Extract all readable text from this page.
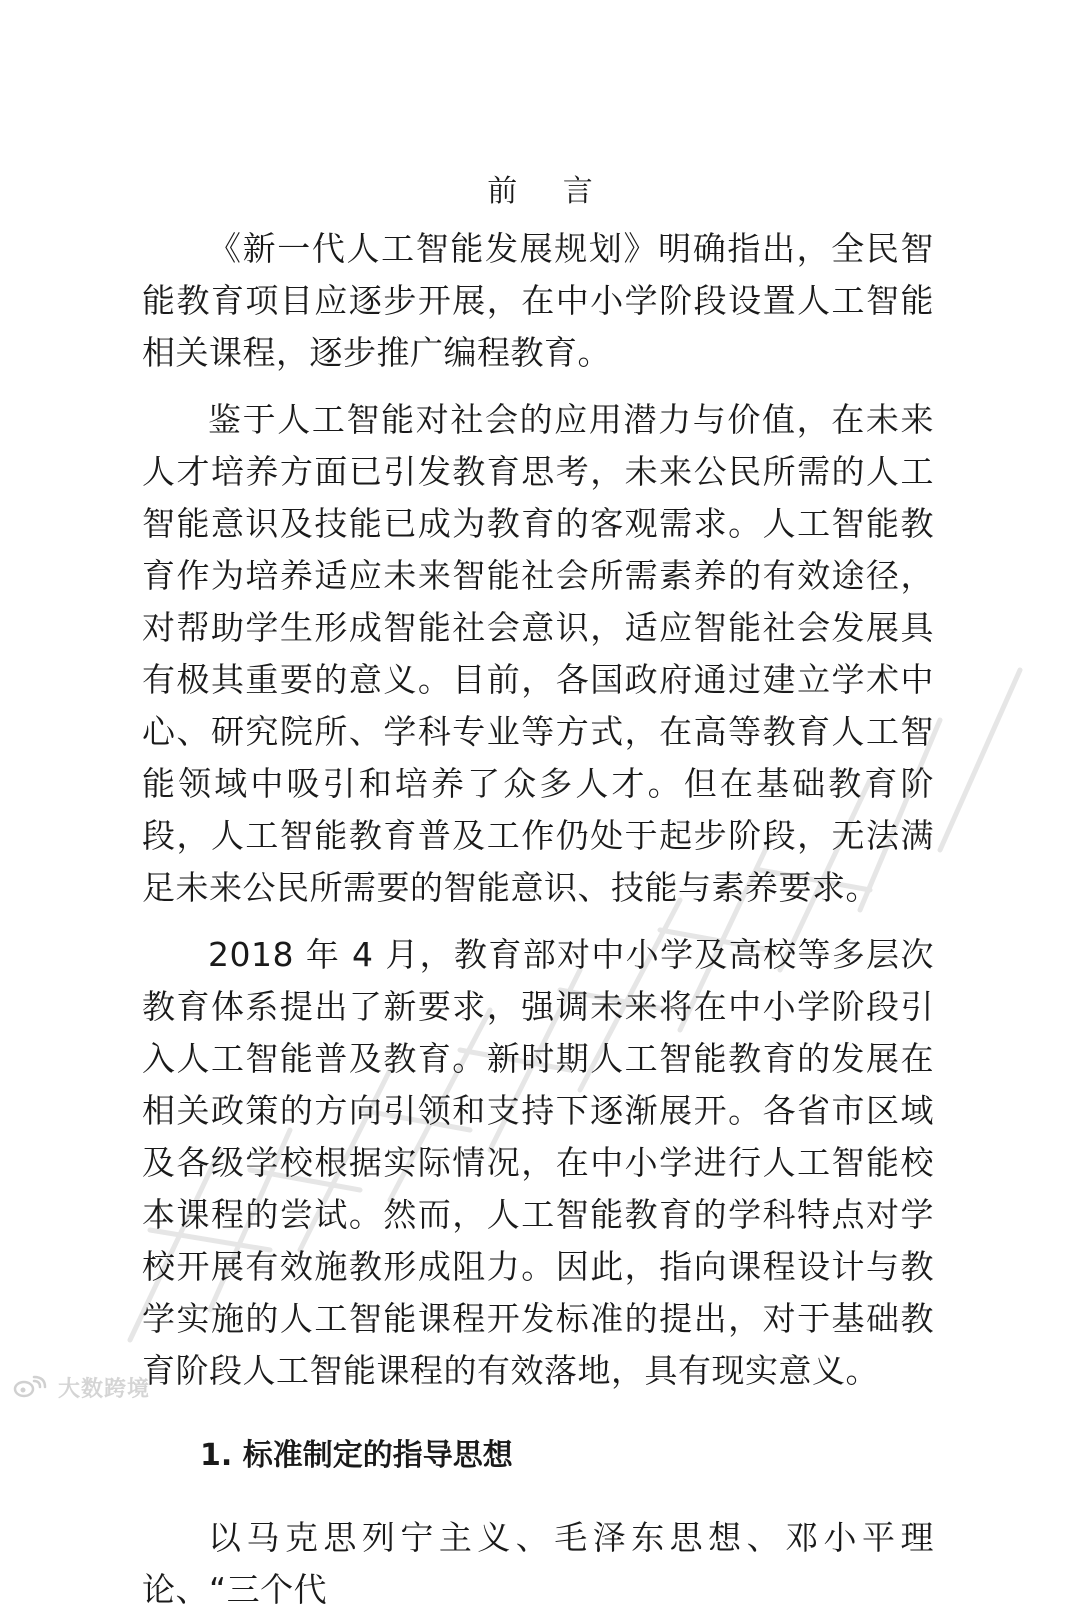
前 言

《新一代人工智能发展规划》明确指出，全民智能教育项目应逐步开展，在中小学阶段设置人工智能相关课程，逐步推广编程教育。

鉴于人工智能对社会的应用潜力与价值，在未来人才培养方面已引发教育思考，未来公民所需的人工智能意识及技能已成为教育的客观需求。人工智能教育作为培养适应未来智能社会所需素养的有效途径，对帮助学生形成智能社会意识，适应智能社会发展具有极其重要的意义。目前，各国政府通过建立学术中心、研究院所、学科专业等方式，在高等教育人工智能领域中吸引和培养了众多人才。但在基础教育阶段，人工智能教育普及工作仍处于起步阶段，无法满足未来公民所需要的智能意识、技能与素养要求。

2018 年 4 月，教育部对中小学及高校等多层次教育体系提出了新要求，强调未来将在中小学阶段引入人工智能普及教育。新时期人工智能教育的发展在相关政策的方向引领和支持下逐渐展开。各省市区域及各级学校根据实际情况，在中小学进行人工智能校本课程的尝试。然而，人工智能教育的学科特点对学校开展有效施教形成阻力。因此，指向课程设计与教学实施的人工智能课程开发标准的提出，对于基础教育阶段人工智能课程的有效落地，具有现实意义。

1. 标准制定的指导思想

以马克思列宁主义、毛泽东思想、邓小平理论、“三个代

大数跨境
